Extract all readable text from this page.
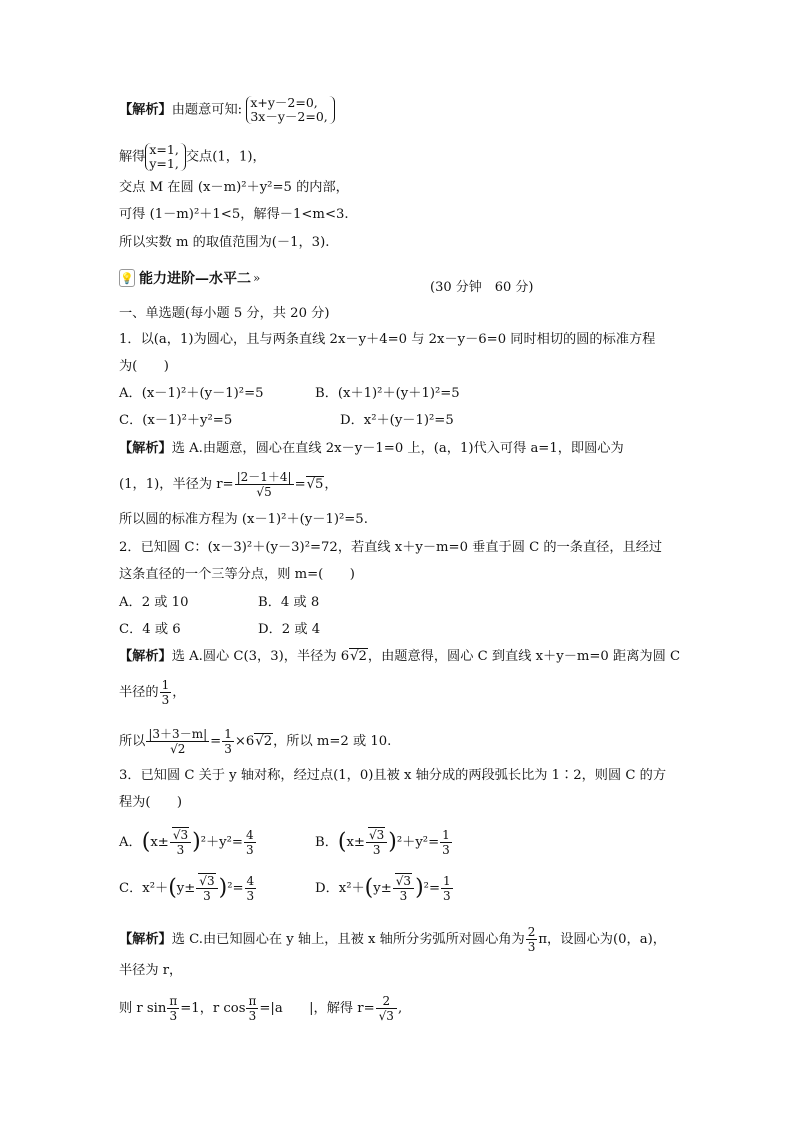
【解析】由题意可知: x+y－2=0,
3x－y－2=0,
解得 x=1,
y=1, 交点(1，1)，
交点 M 在圆 (x－m)²＋y²=5 的内部，
可得 (1－m)²＋1<5，解得－1<m<3.
所以实数 m 的取值范围为(－1，3).
💡 能力进阶—水平二 »
(30 分钟　60 分)
一、单选题(每小题 5 分，共 20 分)
1．以(a，1)为圆心，且与两条直线 2x－y＋4=0 与 2x－y－6=0 同时相切的圆的标准方程
为(　　)
A．(x－1)²＋(y－1)²=5	B．(x＋1)²＋(y＋1)²=5
C．(x－1)²＋y²=5	D．x²＋(y－1)²=5
【解析】选 A.由题意，圆心在直线 2x－y－1=0 上，(a，1)代入可得 a=1，即圆心为
(1，1)，半径为 r= |2－1＋4|
√ 5 =√ 5，
所以圆的标准方程为 (x－1)²＋(y－1)²=5.
2．已知圆 C：(x－3)²＋(y－3)²=72，若直线 x＋y－m=0 垂直于圆 C 的一条直径，且经过
这条直径的一个三等分点，则 m=(　　)
A．2 或 10	B．4 或 8
C．4 或 6	D．2 或 4
【解析】选 A.圆心 C(3，3)，半径为 6√ 2，由题意得，圆心 C 到直线 x＋y－m=0 距离为圆 C
半径的 $\frac{1}{3}$ ，
所以 |3＋3－m|
√ $2 = \frac{1}{3} \times 6√$ 2，所以 m=2 或 10.
3．已知圆 C 关于 y 轴对称，经过点(1，0)且被 x 轴分成的两段弧长比为 1∶2，则圆 C 的方
程为(　　)
A．(x±
√ $\frac{3}{3} )^2+y^2= \frac{4}{3}$	B．(x±
√ $\frac{3}{3} )^2+y^2= \frac{1}{3}$
C．x²＋(y±
√ $\frac{3}{3} )^2= \frac{4}{3}$	D．x²＋(y±
√ $\frac{3}{3} )^2= \frac{1}{3}$
【解析】选 C.由已知圆心在 y 轴上，且被 x 轴所分劣弧所对圆心角为 $\frac{2}{3}$ π，设圆心为(0，a)，
半径为 r，
则 r $\sin \frac{\pi}{3} =1$，r $\cos \frac{\pi}{3} =|a$　　|，解得 r= 2
√ 3 ,
